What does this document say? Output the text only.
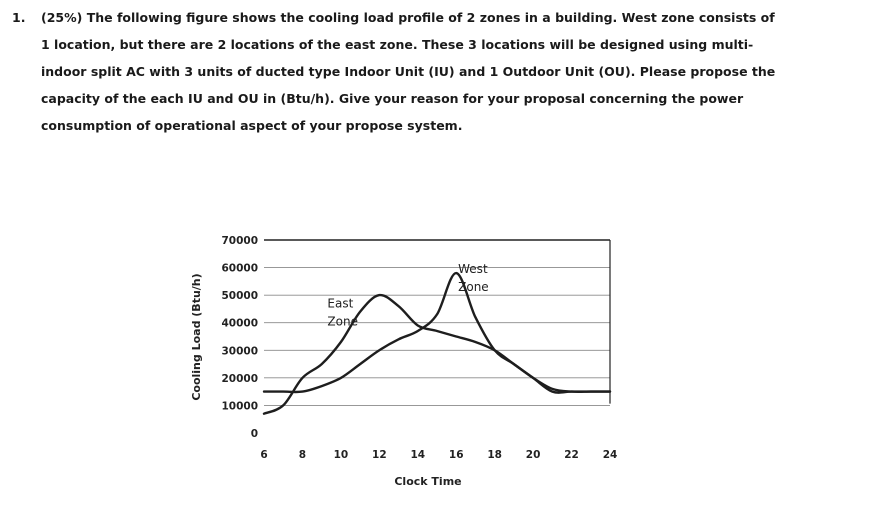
1. (25%) The following figure shows the cooling load profile of 2 zones in a building. West zone consists of
1 location, but there are 2 locations of the east zone. These 3 locations will be designed using multi-
indoor split AC with 3 units of ducted type Indoor Unit (IU) and 1 Outdoor Unit (OU). Please propose the
capacity of the each IU and OU in (Btu/h). Give your reason for your proposal concerning the power
consumption of operational aspect of your propose system.
70000
60000
50000
40000
30000
20000
10000
0
6	8	10 12 14 16 18 20 22 24
Clock Time
Cooling Load (Btu/h)	East
Zone
West
Zone
